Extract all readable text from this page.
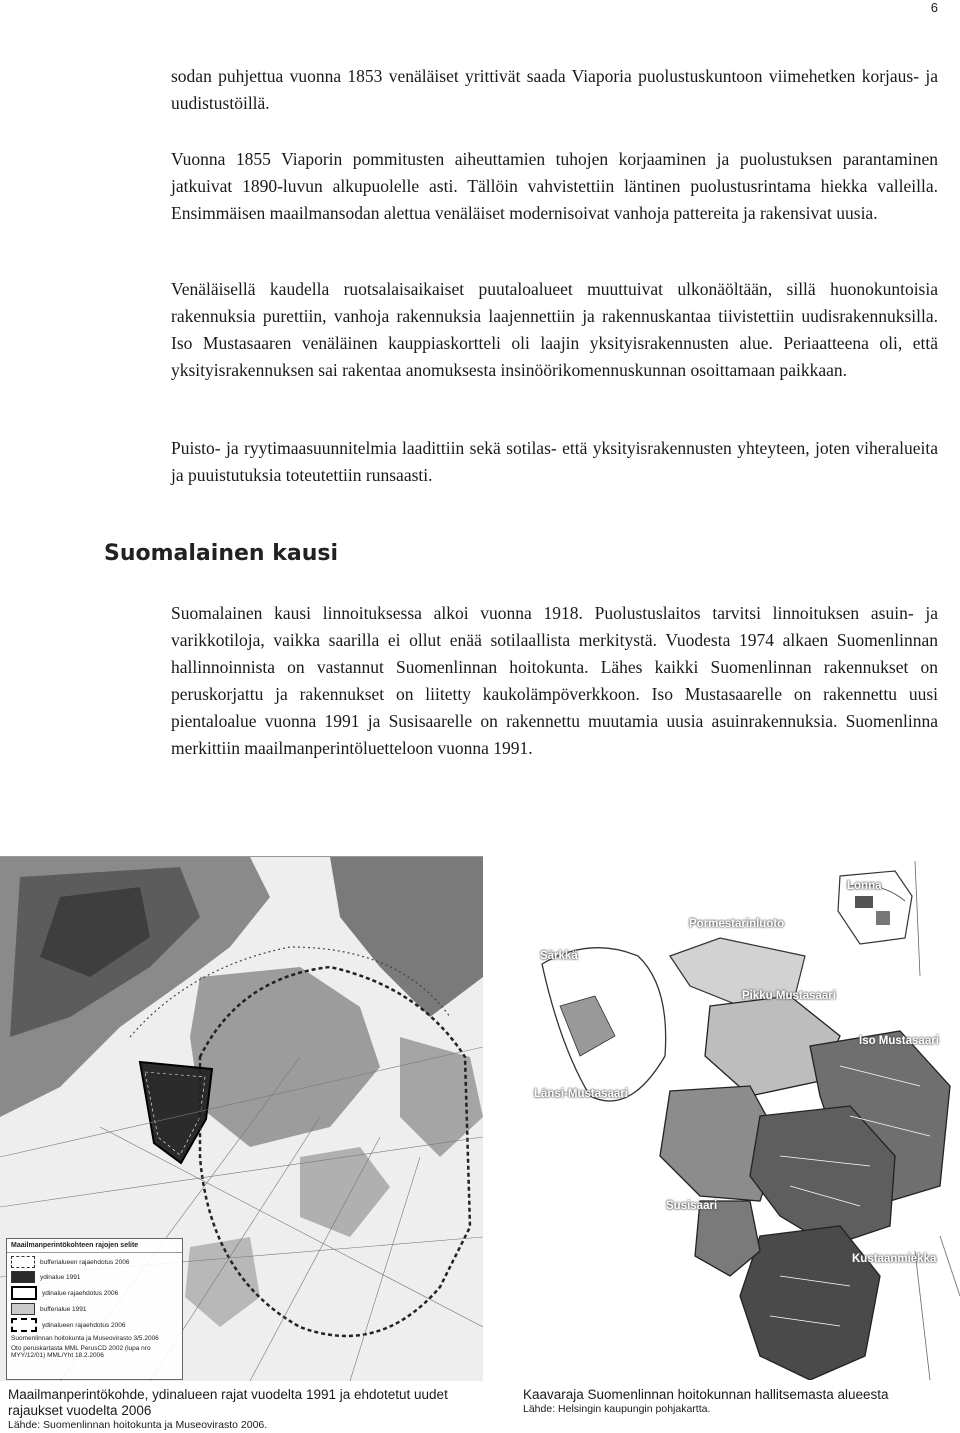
6

sodan puhjettua vuonna 1853 venäläiset yrittivät saada Viaporia puolustuskuntoon viimehetken korjaus- ja uudistustöillä.

Vuonna 1855 Viaporin pommitusten aiheuttamien tuhojen korjaaminen ja puolustuksen parantaminen jatkuivat 1890-luvun alkupuolelle asti. Tällöin vahvistettiin läntinen puolustusrintama hiekka valleilla. Ensimmäisen maailmansodan alettua venäläiset modernisoivat vanhoja pattereita ja rakensivat uusia.

Venäläisellä kaudella ruotsalaisaikaiset puutaloalueet muuttuivat ulkonäöltään, sillä huonokuntoisia rakennuksia purettiin, vanhoja rakennuksia laajennettiin ja rakennuskantaa tiivistettiin uudisrakennuksilla. Iso Mustasaaren venäläinen kauppiaskortteli oli laajin yksityisrakennusten alue. Periaatteena oli, että yksityisrakennuksen sai rakentaa anomuksesta insinöörikomennuskunnan osoittamaan paikkaan.

Puisto- ja ryytimaasuunnitelmia laadittiin sekä sotilas- että yksityisrakennusten yhteyteen, joten viheralueita ja puuistutuksia toteutettiin runsaasti.

Suomalainen kausi

Suomalainen kausi linnoituksessa alkoi vuonna 1918. Puolustuslaitos tarvitsi linnoituksen asuin- ja varikkotiloja, vaikka saarilla ei ollut enää sotilaallista merkitystä. Vuodesta 1974 alkaen Suomenlinnan hallinnoinnista on vastannut Suomenlinnan hoitokunta. Lähes kaikki Suomenlinnan rakennukset on peruskorjattu ja rakennukset on liitetty kaukolämpöverkkoon. Iso Mustasaarelle on rakennettu uusi pientaloalue vuonna 1991 ja Susisaarelle on rakennettu muutamia uusia asuinrakennuksia. Suomenlinna merkittiin maailmanperintöluetteloon vuonna 1991.

Maailmanperintökohteen rajojen selite
bufferialueen rajaehdotus 2006
ydinalue 1991
ydinalue rajaehdotus 2006
bufferialue 1991
ydinalueen rajaehdotus 2006
Suomenlinnan hoitokunta ja Museovirasto 3/5.2006
Oto peruskartasta MML PerusCD 2002 (lupa nro MYY/12/01) MML/Yht 18.2.2006
Lonna
Pormestarinluoto
Särkkä
Pikku Mustasaari
Iso Mustasaari
Länsi-Mustasaari
Susisaari
Kustaanmiekka
Maailmanperintökohde, ydinalueen rajat vuodelta 1991 ja ehdotetut uudet rajaukset vuodelta 2006
Lähde: Suomenlinnan hoitokunta ja Museovirasto 2006.
Kaavaraja Suomenlinnan hoitokunnan hallitsemasta alueesta
Lähde: Helsingin kaupungin pohjakartta.
